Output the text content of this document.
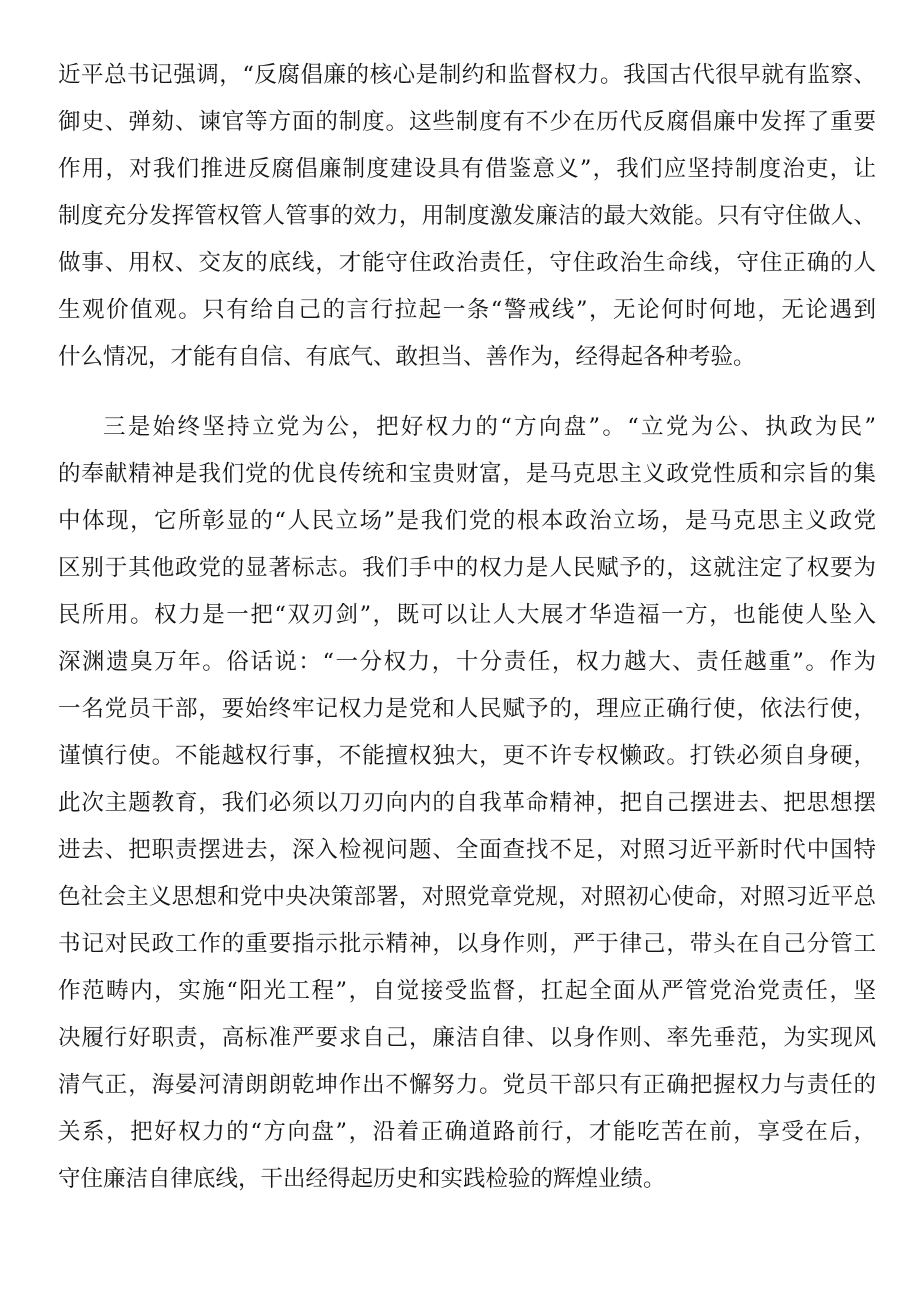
近平总书记强调，“反腐倡廉的核心是制约和监督权力。我国古代很早就有监察、
御史、弹劾、谏官等方面的制度。这些制度有不少在历代反腐倡廉中发挥了重要
作用，对我们推进反腐倡廉制度建设具有借鉴意义”，我们应坚持制度治吏，让
制度充分发挥管权管人管事的效力，用制度激发廉洁的最大效能。只有守住做人、
做事、用权、交友的底线，才能守住政治责任，守住政治生命线，守住正确的人
生观价值观。只有给自己的言行拉起一条“警戒线”，无论何时何地，无论遇到
什么情况，才能有自信、有底气、敢担当、善作为，经得起各种考验。
三是始终坚持立党为公，把好权力的“方向盘”。“立党为公、执政为民”
的奉献精神是我们党的优良传统和宝贵财富，是马克思主义政党性质和宗旨的集
中体现，它所彰显的“人民立场”是我们党的根本政治立场，是马克思主义政党
区别于其他政党的显著标志。我们手中的权力是人民赋予的，这就注定了权要为
民所用。权力是一把“双刃剑”，既可以让人大展才华造福一方，也能使人坠入
深渊遗臭万年。俗话说：“一分权力，十分责任，权力越大、责任越重”。作为
一名党员干部，要始终牢记权力是党和人民赋予的，理应正确行使，依法行使，
谨慎行使。不能越权行事，不能擅权独大，更不许专权懒政。打铁必须自身硬，
此次主题教育，我们必须以刀刃向内的自我革命精神，把自己摆进去、把思想摆
进去、把职责摆进去，深入检视问题、全面查找不足，对照习近平新时代中国特
色社会主义思想和党中央决策部署，对照党章党规，对照初心使命，对照习近平总
书记对民政工作的重要指示批示精神，以身作则，严于律己，带头在自己分管工
作范畴内，实施“阳光工程”，自觉接受监督，扛起全面从严管党治党责任，坚
决履行好职责，高标准严要求自己，廉洁自律、以身作则、率先垂范，为实现风
清气正，海晏河清朗朗乾坤作出不懈努力。党员干部只有正确把握权力与责任的
关系，把好权力的“方向盘”，沿着正确道路前行，才能吃苦在前，享受在后，
守住廉洁自律底线，干出经得起历史和实践检验的辉煌业绩。
